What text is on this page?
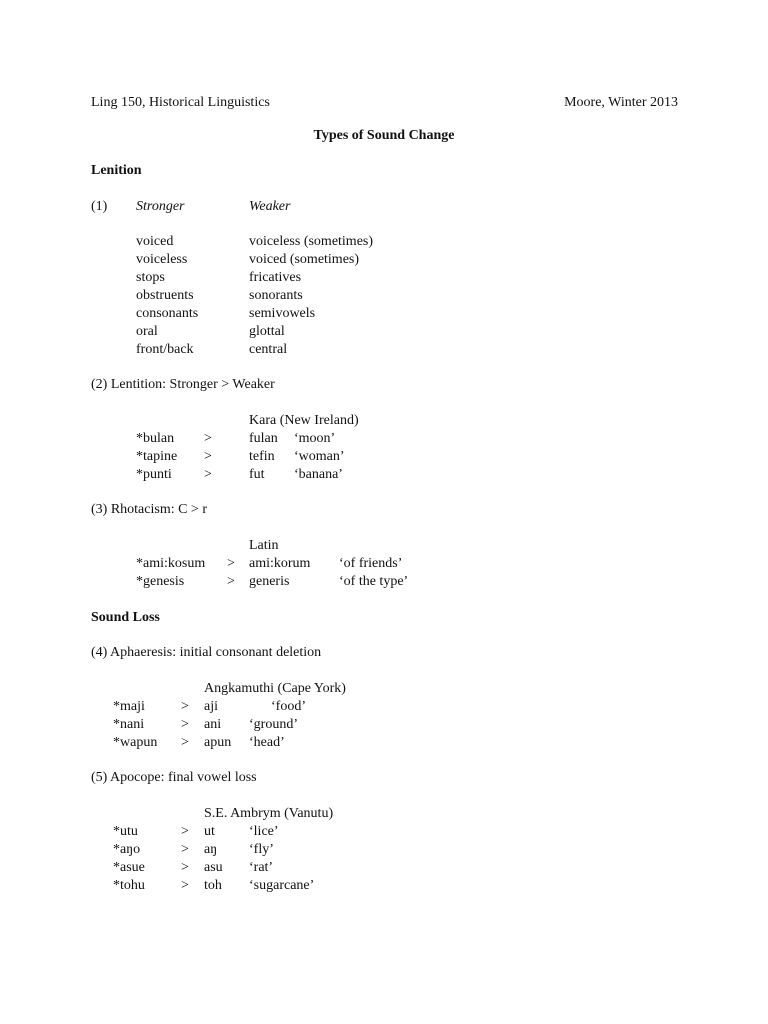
Ling 150, Historical Linguistics	Moore, Winter 2013
Types of Sound Change
Lenition
(1) Stronger	Weaker
voiced	voiceless (sometimes)
voiceless	voiced (sometimes)
stops	fricatives
obstruents	sonorants
consonants	semivowels
oral	glottal
front/back	central
(2) Lentition: Stronger > Weaker
Kara (New Ireland)
*bulan >	fulan ‘moon’
*tapine >	tefin ‘woman’
*punti >	fut ‘banana’
(3) Rhotacism: C > r
Latin
*ami:kosum > ami:korum ‘of friends’
*genesis	> generis	‘of the type’
Sound Loss
(4) Aphaeresis: initial consonant deletion
Angkamuthi (Cape York)
*maji	> aji	‘food’
*nani	> ani ‘ground’
*wapun > apun ‘head’
(5) Apocope: final vowel loss
S.E. Ambrym (Vanutu)
*utu	> ut ‘lice’
*aŋo	> aŋ ‘fly’
*asue	> asu ‘rat’
*tohu	> toh ‘sugarcane’
